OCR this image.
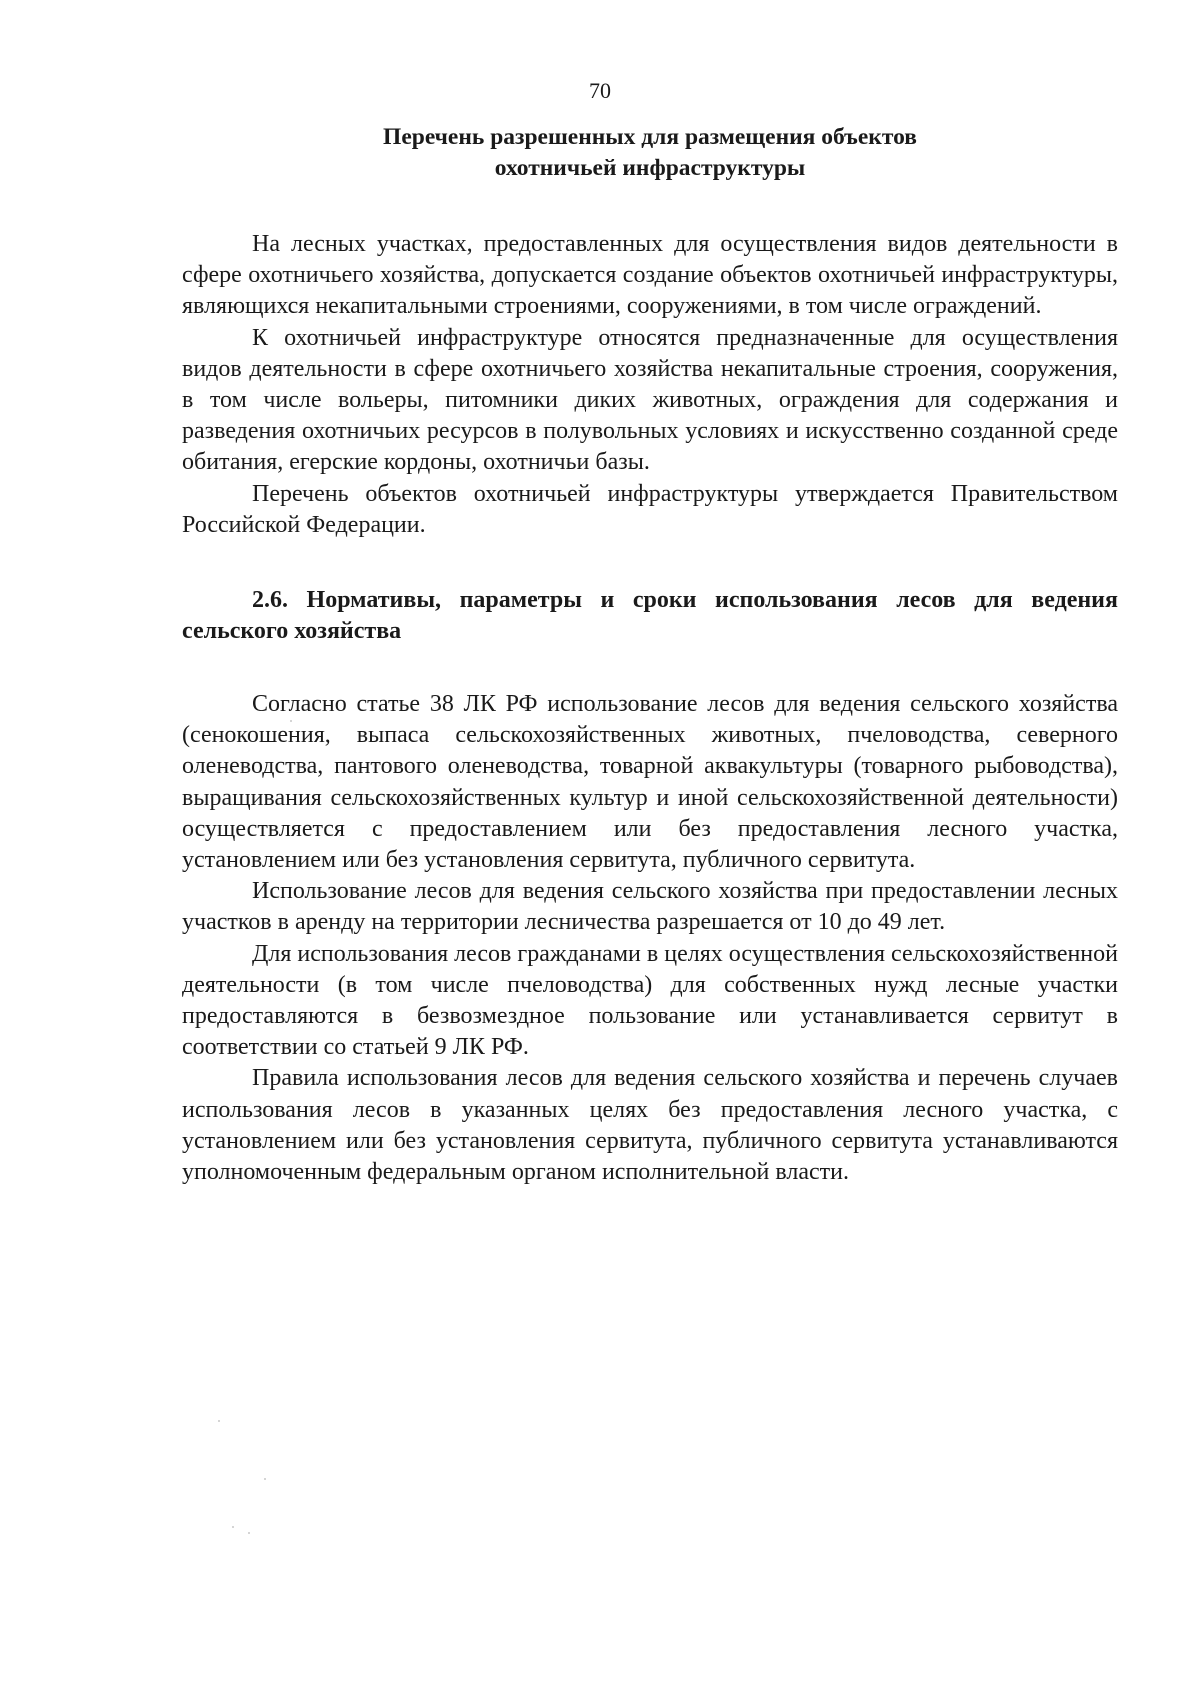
70
Перечень разрешенных для размещения объектов
охотничьей инфраструктуры

На лесных участках, предоставленных для осуществления видов деятельности в сфере охотничьего хозяйства, допускается создание объектов охотничьей инфраструктуры, являющихся некапитальными строениями, сооружениями, в том числе ограждений.

К охотничьей инфраструктуре относятся предназначенные для осуществления видов деятельности в сфере охотничьего хозяйства некапитальные строения, сооружения, в том числе вольеры, питомники диких животных, ограждения для содержания и разведения охотничьих ресурсов в полувольных условиях и искусственно созданной среде обитания, егерские кордоны, охотничьи базы.

Перечень объектов охотничьей инфраструктуры утверждается Правительством Российской Федерации.

2.6. Нормативы, параметры и сроки использования лесов для ведения сельского хозяйства

Согласно статье 38 ЛК РФ использование лесов для ведения сельского хозяйства (сенокошения, выпаса сельскохозяйственных животных, пчеловодства, северного оленеводства, пантового оленеводства, товарной аквакультуры (товарного рыбоводства), выращивания сельскохозяйственных культур и иной сельскохозяйственной деятельности) осуществляется с предоставлением или без предоставления лесного участка, установлением или без установления сервитута, публичного сервитута.

Использование лесов для ведения сельского хозяйства при предоставлении лесных участков в аренду на территории лесничества разрешается от 10 до 49 лет.

Для использования лесов гражданами в целях осуществления сельскохозяйственной деятельности (в том числе пчеловодства) для собственных нужд лесные участки предоставляются в безвозмездное пользование или устанавливается сервитут в соответствии со статьей 9 ЛК РФ.

Правила использования лесов для ведения сельского хозяйства и перечень случаев использования лесов в указанных целях без предоставления лесного участка, с установлением или без установления сервитута, публичного сервитута устанавливаются уполномоченным федеральным органом исполнительной власти.
